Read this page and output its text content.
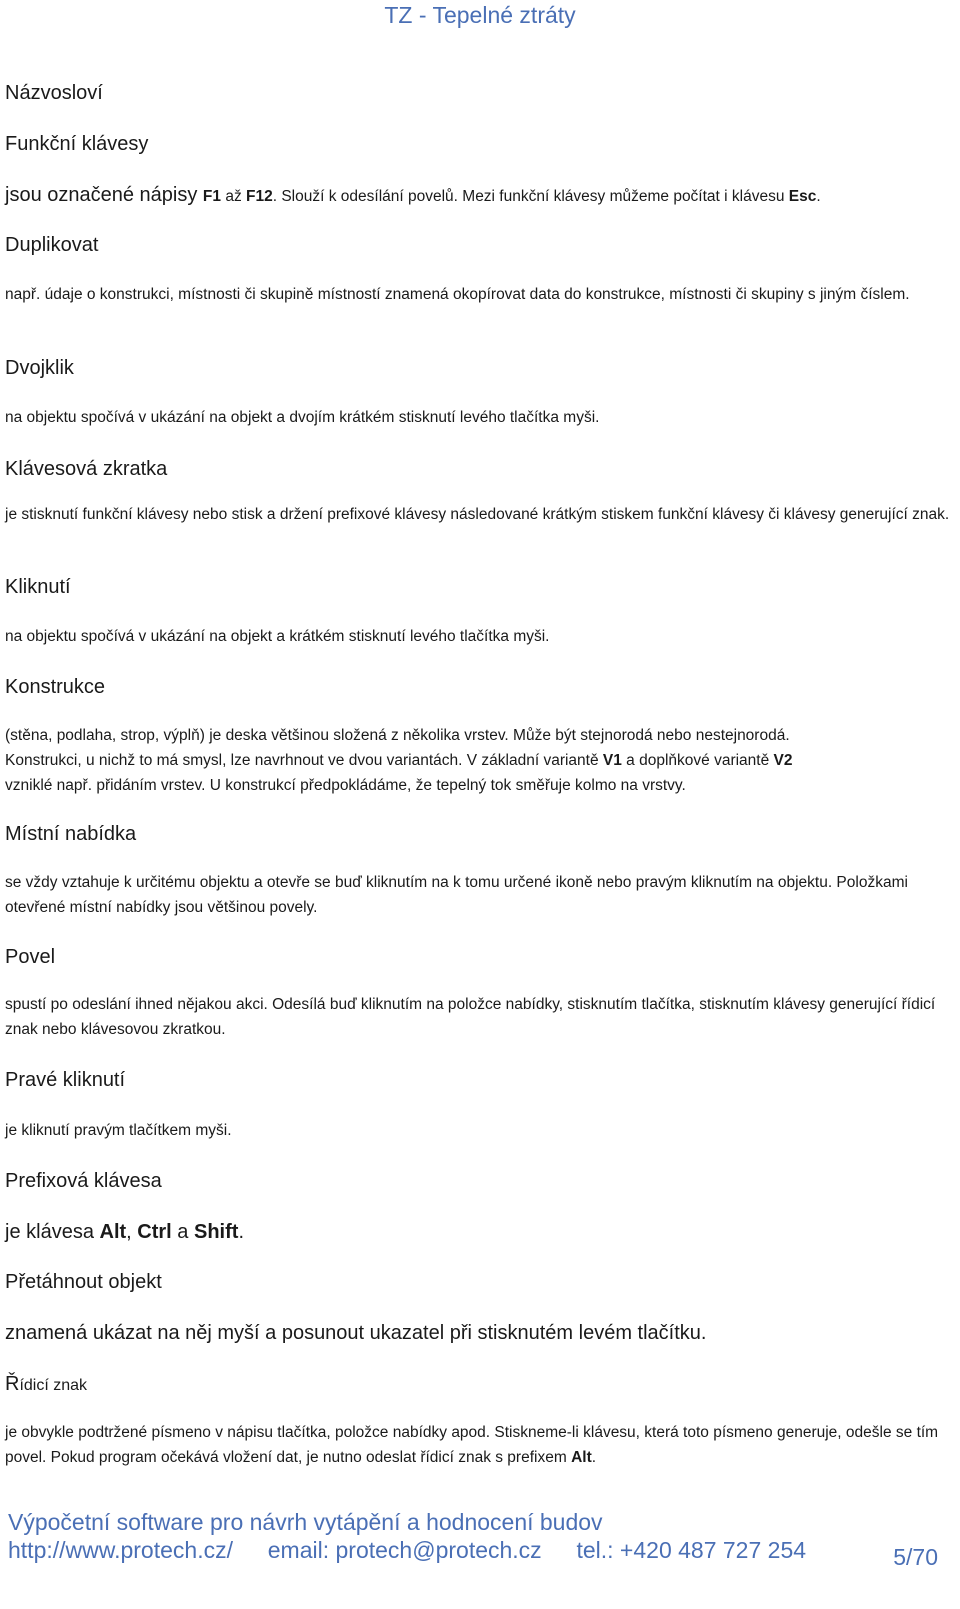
TZ - Tepelné ztráty
Názvosloví
Funkční klávesy

jsou označené nápisy F1 až F12. Slouží k odesílání povelů. Mezi funkční klávesy můžeme počítat i klávesu Esc.

Duplikovat

např. údaje o konstrukci, místnosti či skupině místností znamená okopírovat data do konstrukce, místnosti či skupiny s jiným číslem.

Dvojklik

na objektu spočívá v ukázání na objekt a dvojím krátkém stisknutí levého tlačítka myši.

Klávesová zkratka

je stisknutí funkční klávesy nebo stisk a držení prefixové klávesy následované krátkým stiskem funkční klávesy či klávesy generující znak.

Kliknutí

na objektu spočívá v ukázání na objekt a krátkém stisknutí levého tlačítka myši.

Konstrukce
(stěna, podlaha, strop, výplň) je deska většinou složená z několika vrstev. Může být stejnorodá nebo nestejnorodá.
Konstrukci, u nichž to má smysl, lze navrhnout ve dvou variantách. V základní variantě V1 a doplňkové variantě V2
vzniklé např. přidáním vrstev. U konstrukcí předpokládáme, že tepelný tok směřuje kolmo na vrstvy.
Místní nabídka

se vždy vztahuje k určitému objektu a otevře se buď kliknutím na k tomu určené ikoně nebo pravým kliknutím na objektu. Položkami otevřené místní nabídky jsou většinou povely.

Povel

spustí po odeslání ihned nějakou akci. Odesílá buď kliknutím na položce nabídky, stisknutím tlačítka, stisknutím klávesy generující řídicí znak nebo klávesovou zkratkou.

Pravé kliknutí

je kliknutí pravým tlačítkem myši.

Prefixová klávesa

je klávesa Alt, Ctrl a Shift.

Přetáhnout objekt

znamená ukázat na něj myší a posunout ukazatel při stisknutém levém tlačítku.

Řídicí znak

je obvykle podtržené písmeno v nápisu tlačítka, položce nabídky apod. Stiskneme-li klávesu, která toto písmeno generuje, odešle se tím povel. Pokud program očekává vložení dat, je nutno odeslat řídicí znak s prefixem Alt.

5/70
Výpočetní software pro návrh vytápění a hodnocení budov
http://www.protech.cz/ email: protech@protech.cz tel.: +420 487 727 254
